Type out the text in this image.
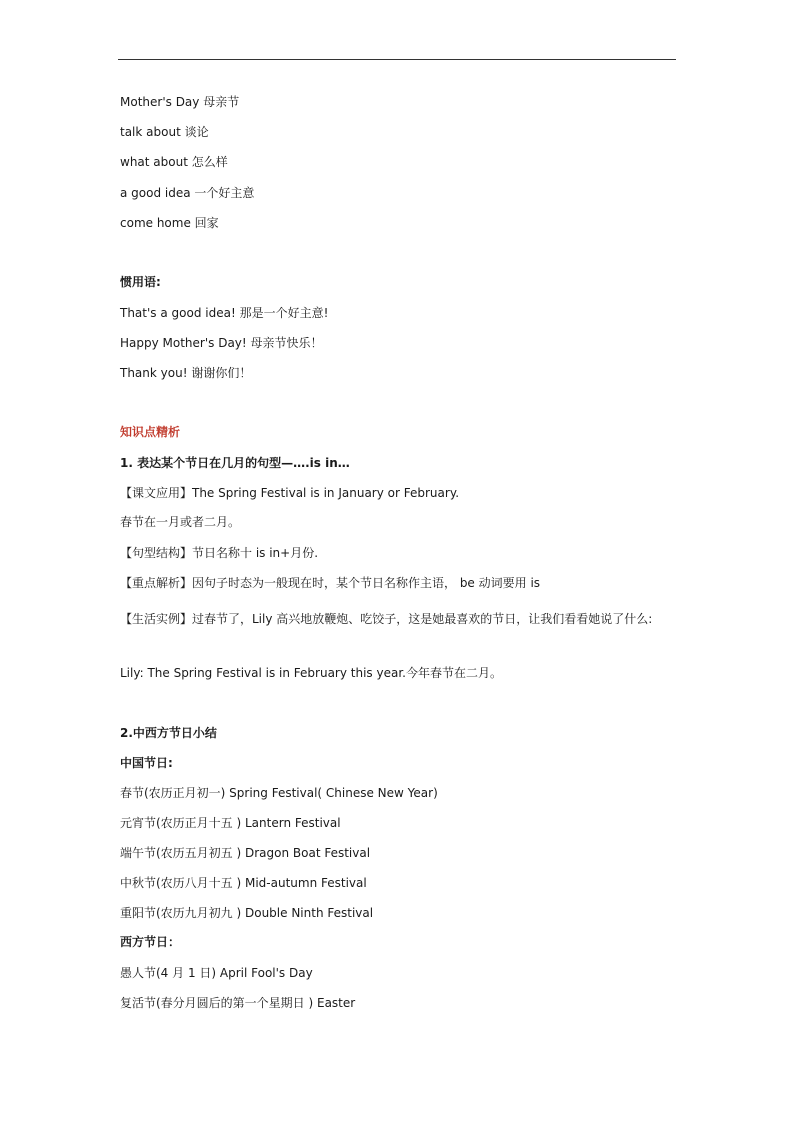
Mother's Day 母亲节
talk about 谈论
what about 怎么样
a good idea 一个好主意
come home 回家
惯用语:
That's a good idea! 那是一个好主意!
Happy Mother's Day! 母亲节快乐！
Thank you! 谢谢你们！
知识点精析
1. 表达某个节日在几月的句型—….is in…
【课文应用】The Spring Festival is in January or February.
春节在一月或者二月。
【句型结构】节日名称十 is in+月份.
【重点解析】因句子时态为一般现在时，某个节日名称作主语， be 动词要用 is
【生活实例】过春节了，Lily 高兴地放鞭炮、吃饺子，这是她最喜欢的节日，让我们看看她说了什么:
Lily: The Spring Festival is in February this year.今年春节在二月。
2.中西方节日小结
中国节日:
春节(农历正月初一) Spring Festival( Chinese New Year)
元宵节(农历正月十五 ) Lantern Festival
端午节(农历五月初五 ) Dragon Boat Festival
中秋节(农历八月十五 ) Mid-autumn Festival
重阳节(农历九月初九 ) Double Ninth Festival
西方节日：
愚人节(4 月 1 日) April Fool's Day
复活节(春分月圆后的第一个星期日 ) Easter
